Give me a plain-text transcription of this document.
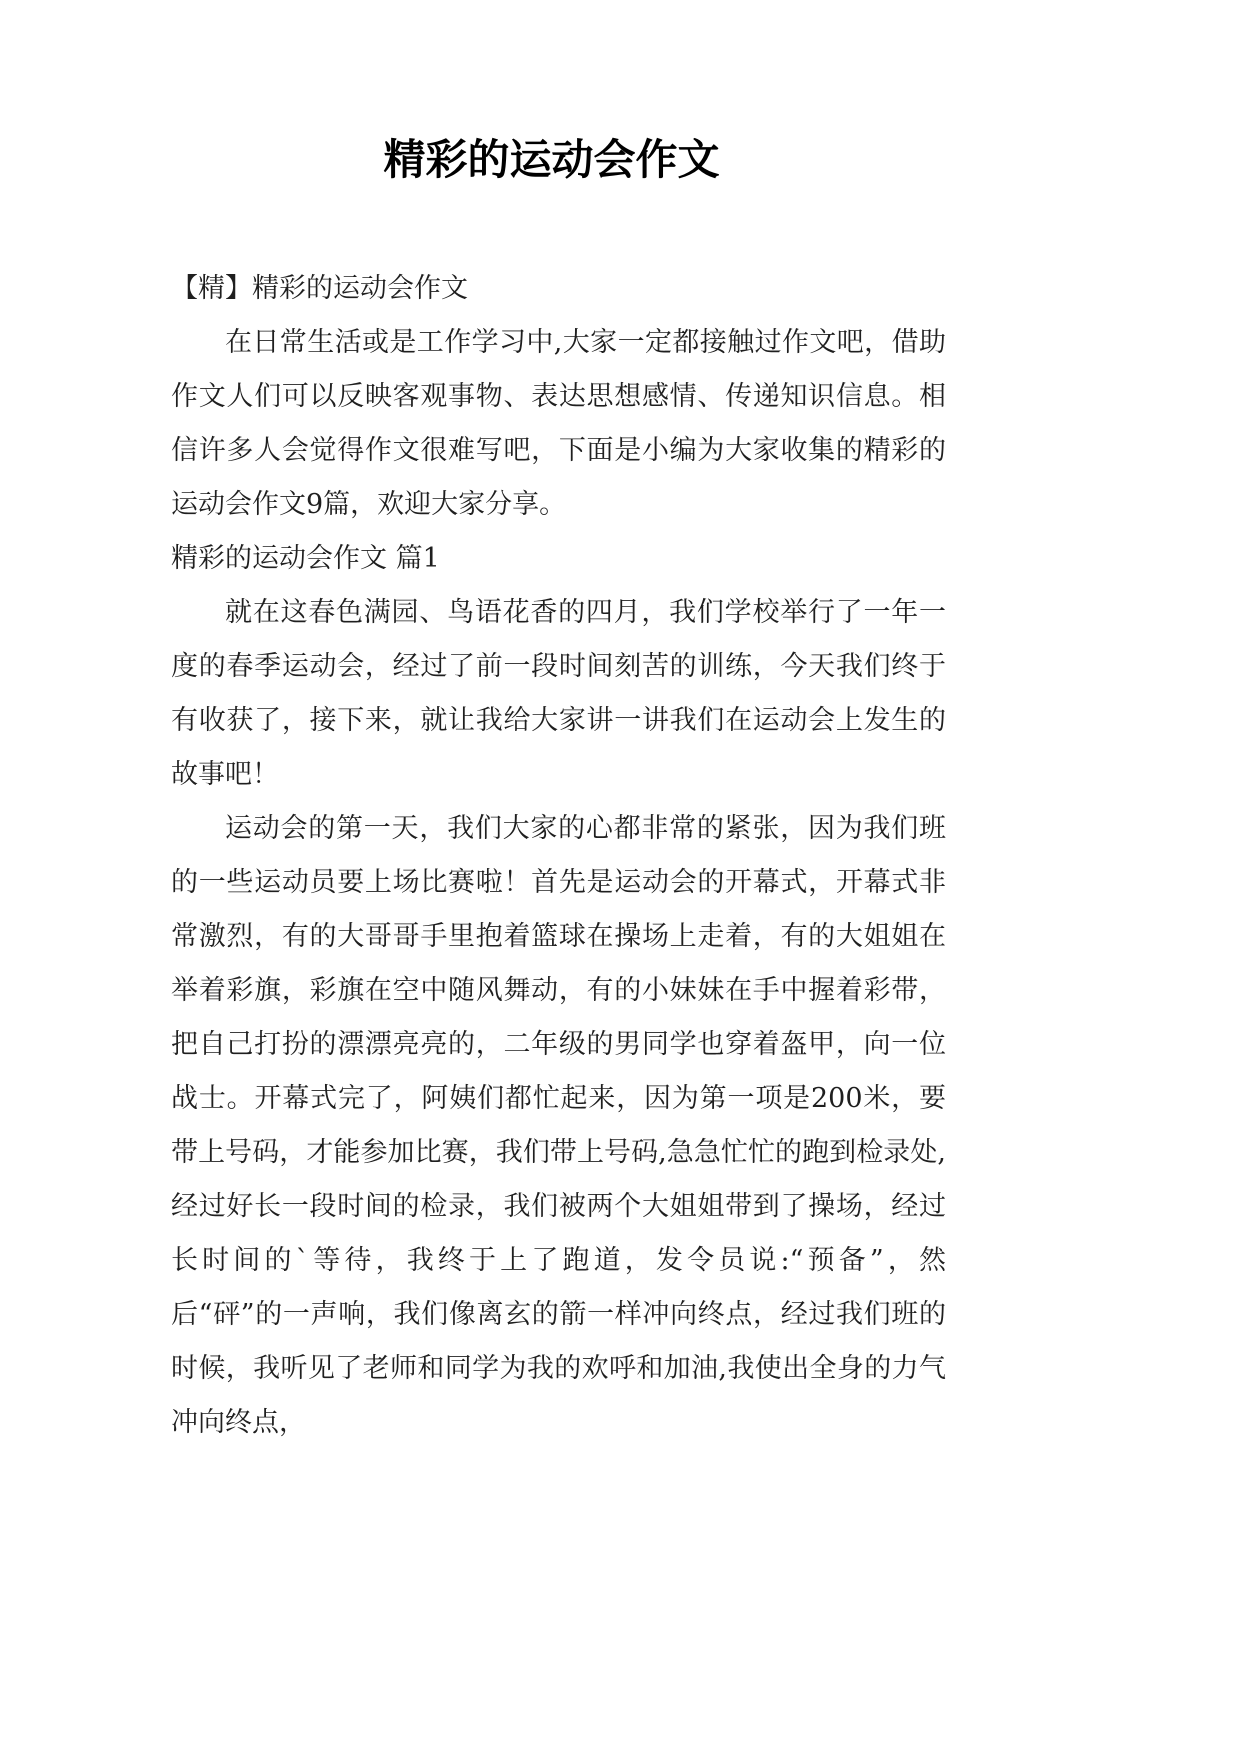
精彩的运动会作文

【精】精彩的运动会作文

在日常生活或是工作学习中,大家一定都接触过作文吧，借助作文人们可以反映客观事物、表达思想感情、传递知识信息。相信许多人会觉得作文很难写吧，下面是小编为大家收集的精彩的运动会作文9篇，欢迎大家分享。

精彩的运动会作文 篇1

就在这春色满园、鸟语花香的四月，我们学校举行了一年一度的春季运动会，经过了前一段时间刻苦的训练，今天我们终于有收获了，接下来，就让我给大家讲一讲我们在运动会上发生的故事吧！

运动会的第一天，我们大家的心都非常的紧张，因为我们班的一些运动员要上场比赛啦！首先是运动会的开幕式，开幕式非常激烈，有的大哥哥手里抱着篮球在操场上走着，有的大姐姐在举着彩旗，彩旗在空中随风舞动，有的小妹妹在手中握着彩带，把自己打扮的漂漂亮亮的，二年级的男同学也穿着盔甲，向一位战士。开幕式完了，阿姨们都忙起来，因为第一项是200米，要带上号码，才能参加比赛，我们带上号码,急急忙忙的跑到检录处,经过好长一段时间的检录，我们被两个大姐姐带到了操场，经过长时间的`等待，我终于上了跑道，发令员说:“预备”，然后“砰”的一声响，我们像离玄的箭一样冲向终点，经过我们班的时候，我听见了老师和同学为我的欢呼和加油,我使出全身的力气冲向终点，
